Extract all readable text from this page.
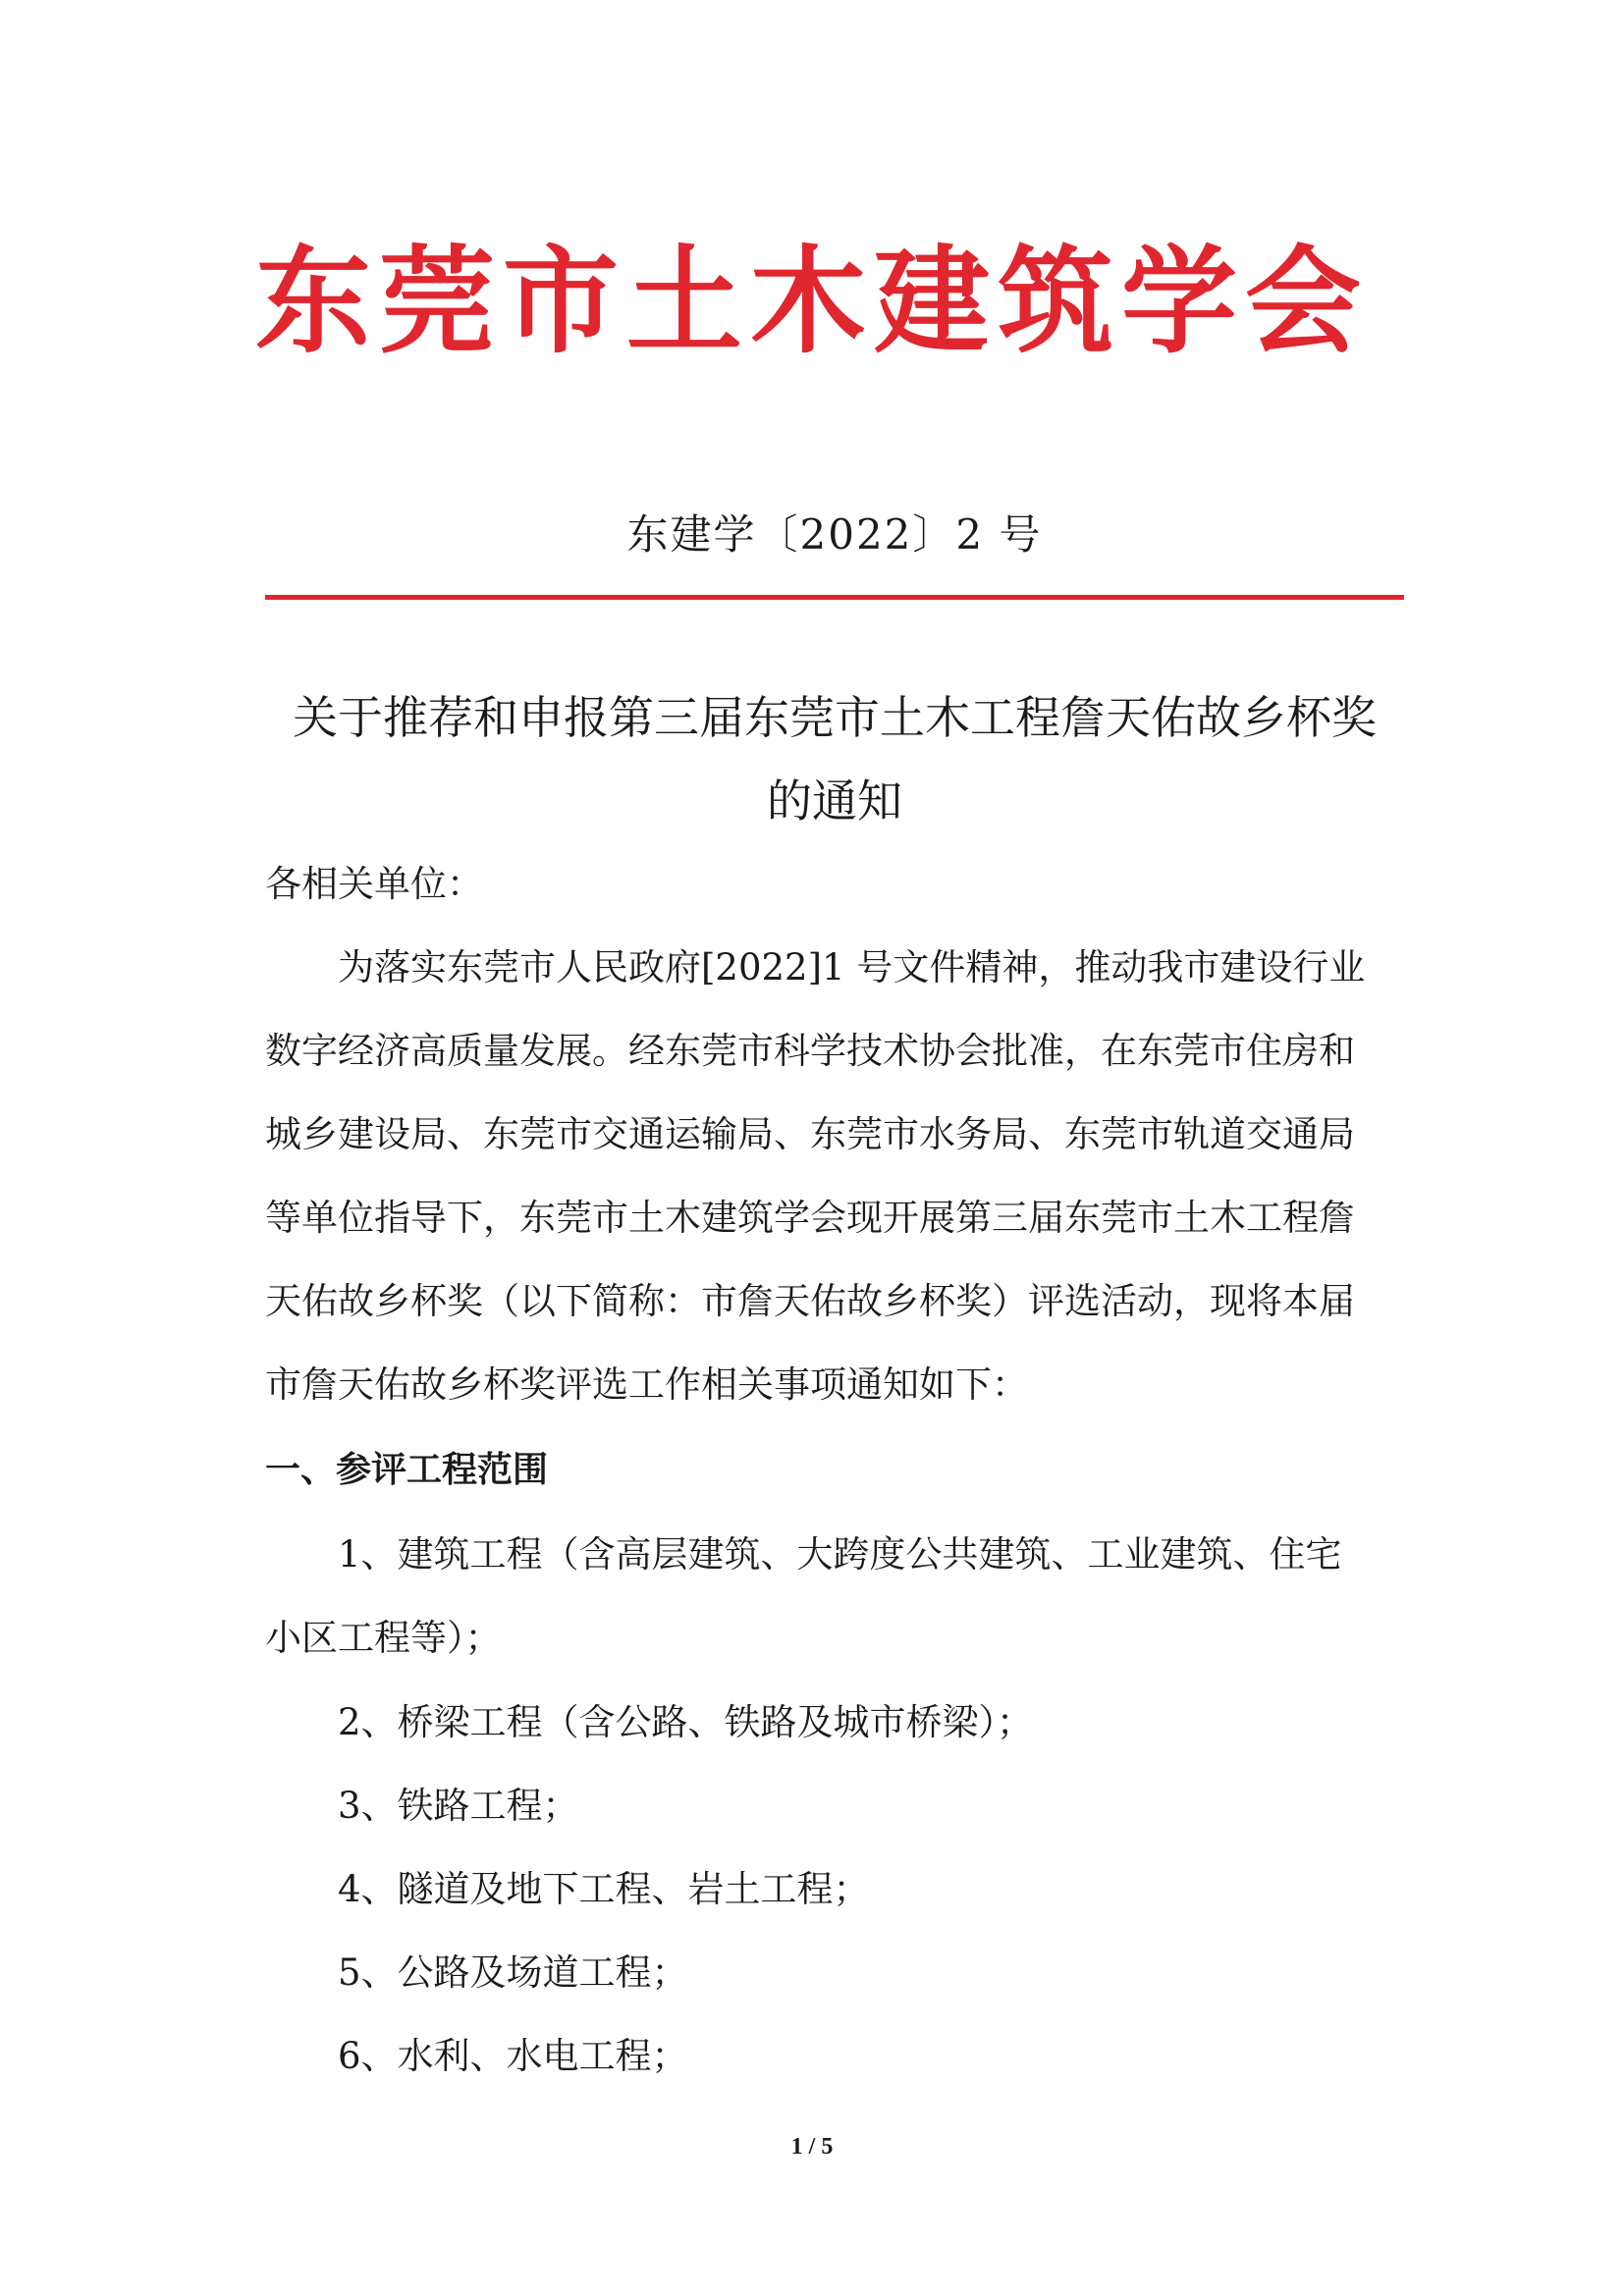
东莞市土木建筑学会
东建学〔2022〕2 号
关于推荐和申报第三届东莞市土木工程詹天佑故乡杯奖
的通知
各相关单位：
为落实东莞市人民政府[2022]1 号文件精神，推动我市建设行业
数字经济高质量发展。经东莞市科学技术协会批准，在东莞市住房和
城乡建设局、东莞市交通运输局、东莞市水务局、东莞市轨道交通局
等单位指导下，东莞市土木建筑学会现开展第三届东莞市土木工程詹
天佑故乡杯奖（以下简称：市詹天佑故乡杯奖）评选活动，现将本届
市詹天佑故乡杯奖评选工作相关事项通知如下：
一、参评工程范围
1、建筑工程（含高层建筑、大跨度公共建筑、工业建筑、住宅
小区工程等）；
2、桥梁工程（含公路、铁路及城市桥梁）；
3、铁路工程；
4、隧道及地下工程、岩土工程；
5、公路及场道工程；
6、水利、水电工程；
1 / 5
